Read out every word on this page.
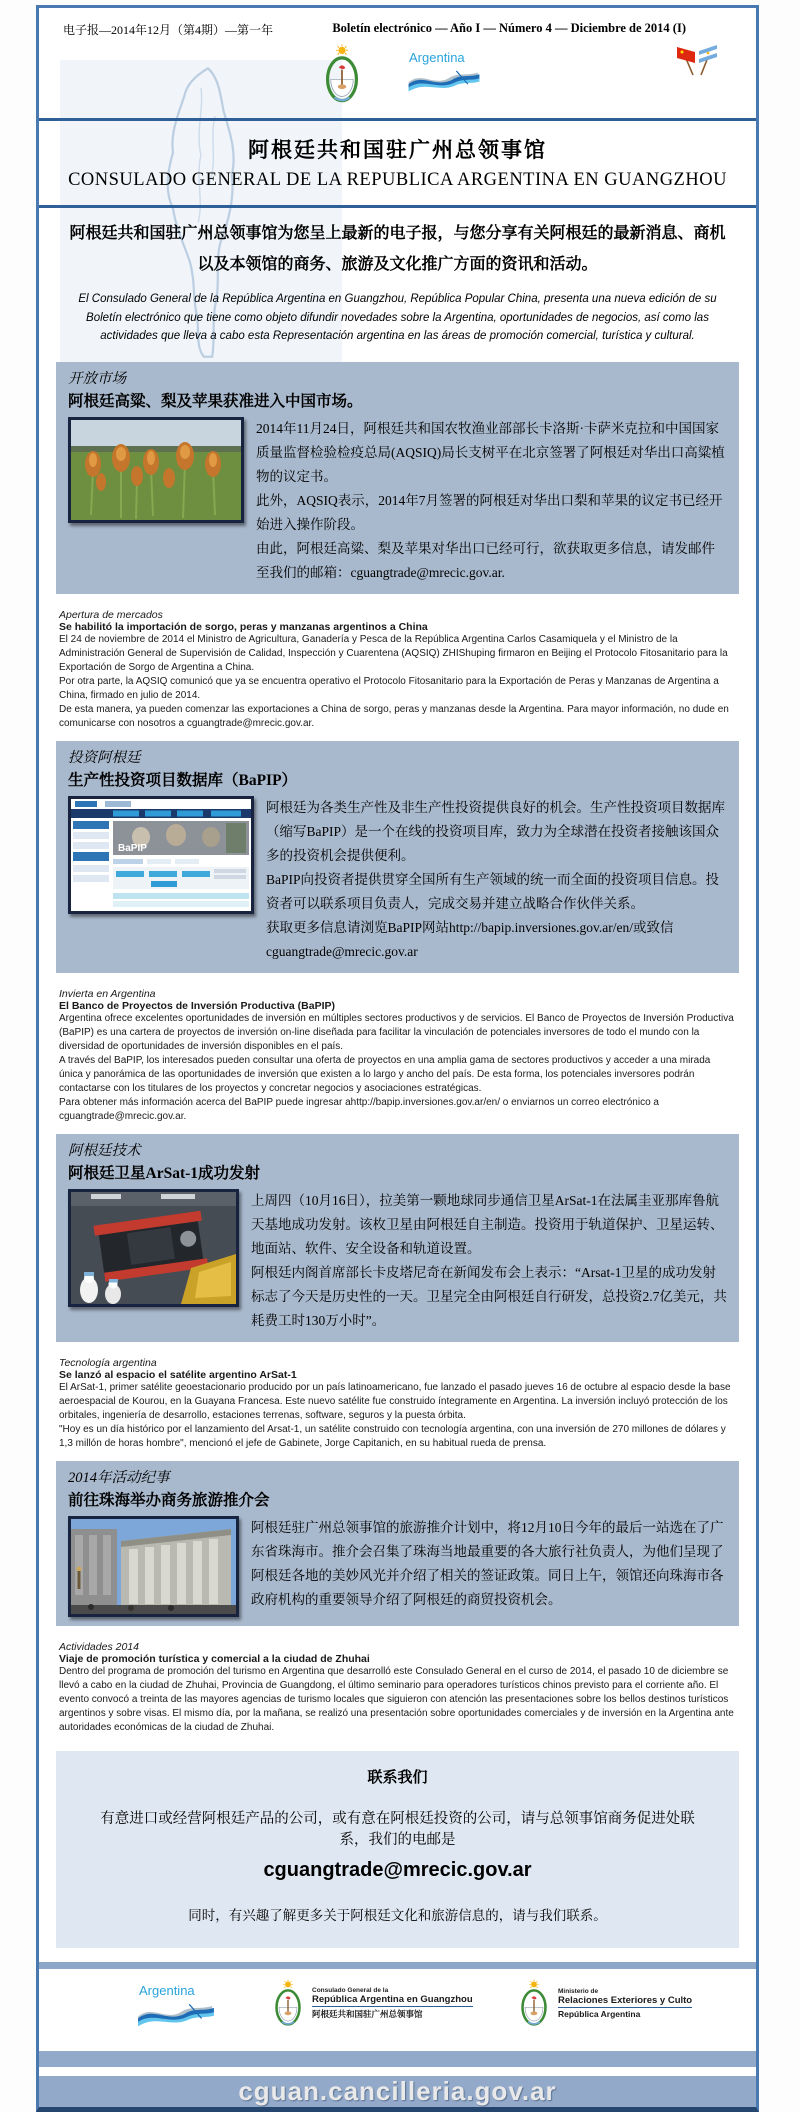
电子报—2014年12月（第4期）—第一年	Boletín electrónico — Año I — Número 4 — Diciembre de 2014 (I)
Argentina
阿根廷共和国驻广州总领事馆
CONSULADO GENERAL DE LA REPUBLICA ARGENTINA EN GUANGZHOU
阿根廷共和国驻广州总领事馆为您呈上最新的电子报，与您分享有关阿根廷的最新消息、商机以及本领馆的商务、旅游及文化推广方面的资讯和活动。
El Consulado General de la República Argentina en Guangzhou, República Popular China, presenta una nueva edición de su Boletín electrónico que tiene como objeto difundir novedades sobre la Argentina, oportunidades de negocios, así como las actividades que lleva a cabo esta Representación argentina en las áreas de promoción comercial, turística y cultural.
开放市场
阿根廷高粱、梨及苹果获准进入中国市场。

2014年11月24日，阿根廷共和国农牧渔业部部长卡洛斯·卡萨米克拉和中国国家质量监督检验检疫总局(AQSIQ)局长支树平在北京签署了阿根廷对华出口高粱植物的议定书。

此外，AQSIQ表示，2014年7月签署的阿根廷对华出口梨和苹果的议定书已经开始进入操作阶段。

由此，阿根廷高粱、梨及苹果对华出口已经可行，欲获取更多信息，请发邮件至我们的邮箱：cguangtrade@mrecic.gov.ar.

Apertura de mercados
Se habilitó la importación de sorgo, peras y manzanas argentinos a China

El 24 de noviembre de 2014 el Ministro de Agricultura, Ganadería y Pesca de la República Argentina Carlos Casamiquela y el Ministro de la Administración General de Supervisión de Calidad, Inspección y Cuarentena (AQSIQ) ZHIShuping firmaron en Beijing el Protocolo Fitosanitario para la Exportación de Sorgo de Argentina a China.

Por otra parte, la AQSIQ comunicó que ya se encuentra operativo el Protocolo Fitosanitario para la Exportación de Peras y Manzanas de Argentina a China, firmado en julio de 2014.

De esta manera, ya pueden comenzar las exportaciones a China de sorgo, peras y manzanas desde la Argentina. Para mayor información, no dude en comunicarse con nosotros a cguangtrade@mrecic.gov.ar.

投资阿根廷
生产性投资项目数据库（BaPIP）
BaPIP

阿根廷为各类生产性及非生产性投资提供良好的机会。生产性投资项目数据库（缩写BaPIP）是一个在线的投资项目库，致力为全球潜在投资者接触该国众多的投资机会提供便利。

BaPIP向投资者提供贯穿全国所有生产领域的统一而全面的投资项目信息。投资者可以联系项目负责人，完成交易并建立战略合作伙伴关系。

获取更多信息请浏览BaPIP网站http://bapip.inversiones.gov.ar/en/或致信cguangtrade@mrecic.gov.ar

Invierta en Argentina
El Banco de Proyectos de Inversión Productiva (BaPIP)

Argentina ofrece excelentes oportunidades de inversión en múltiples sectores productivos y de servicios. El Banco de Proyectos de Inversión Productiva (BaPIP) es una cartera de proyectos de inversión on-line diseñada para facilitar la vinculación de potenciales inversores de todo el mundo con la diversidad de oportunidades de inversión disponibles en el país.

A través del BaPIP, los interesados pueden consultar una oferta de proyectos en una amplia gama de sectores productivos y acceder a una mirada única y panorámica de las oportunidades de inversión que existen a lo largo y ancho del país. De esta forma, los potenciales inversores podrán contactarse con los titulares de los proyectos y concretar negocios y asociaciones estratégicas.

Para obtener más información acerca del BaPIP puede ingresar ahttp://bapip.inversiones.gov.ar/en/ o enviarnos un correo electrónico a cguangtrade@mrecic.gov.ar.

阿根廷技术
阿根廷卫星ArSat-1成功发射

上周四（10月16日），拉美第一颗地球同步通信卫星ArSat-1在法属圭亚那库鲁航天基地成功发射。该枚卫星由阿根廷自主制造。投资用于轨道保护、卫星运转、地面站、软件、安全设备和轨道设置。

阿根廷内阁首席部长卡皮塔尼奇在新闻发布会上表示：“Arsat-1卫星的成功发射标志了今天是历史性的一天。卫星完全由阿根廷自行研发，总投资2.7亿美元，共耗费工时130万小时”。

Tecnología argentina
Se lanzó al espacio el satélite argentino ArSat-1

El ArSat-1, primer satélite geoestacionario producido por un país latinoamericano, fue lanzado el pasado jueves 16 de octubre al espacio desde la base aeroespacial de Kourou, en la Guayana Francesa. Este nuevo satélite fue construido íntegramente en Argentina. La inversión incluyó protección de los orbitales, ingeniería de desarrollo, estaciones terrenas, software, seguros y la puesta órbita.

"Hoy es un día histórico por el lanzamiento del Arsat-1, un satélite construido con tecnología argentina, con una inversión de 270 millones de dólares y 1,3 millón de horas hombre", mencionó el jefe de Gabinete, Jorge Capitanich, en su habitual rueda de prensa.

2014年活动纪事
前往珠海举办商务旅游推介会

阿根廷驻广州总领事馆的旅游推介计划中，将12月10日今年的最后一站选在了广东省珠海市。推介会召集了珠海当地最重要的各大旅行社负责人，为他们呈现了阿根廷各地的美妙风光并介绍了相关的签证政策。同日上午，领馆还向珠海市各政府机构的重要领导介绍了阿根廷的商贸投资机会。

Actividades 2014
Viaje de promoción turística y comercial a la ciudad de Zhuhai

Dentro del programa de promoción del turismo en Argentina que desarrolló este Consulado General en el curso de 2014, el pasado 10 de diciembre se llevó a cabo en la ciudad de Zhuhai, Provincia de Guangdong, el último seminario para operadores turísticos chinos previsto para el corriente año. El evento convocó a treinta de las mayores agencias de turismo locales que siguieron con atención las presentaciones sobre los bellos destinos turísticos argentinos y sobre visas. El mismo día, por la mañana, se realizó una presentación sobre oportunidades comerciales y de inversión en la Argentina ante autoridades económicas de la ciudad de Zhuhai.

联系我们
有意进口或经营阿根廷产品的公司，或有意在阿根廷投资的公司，请与总领事馆商务促进处联系，我们的电邮是
cguangtrade@mrecic.gov.ar
同时，有兴趣了解更多关于阿根廷文化和旅游信息的，请与我们联系。
Argentina	Consulado General de la
República Argentina en Guangzhou
阿根廷共和国驻广州总领事馆
Ministerio de
Relaciones Exteriores y Culto
República Argentina
cguan.cancilleria.gov.ar
